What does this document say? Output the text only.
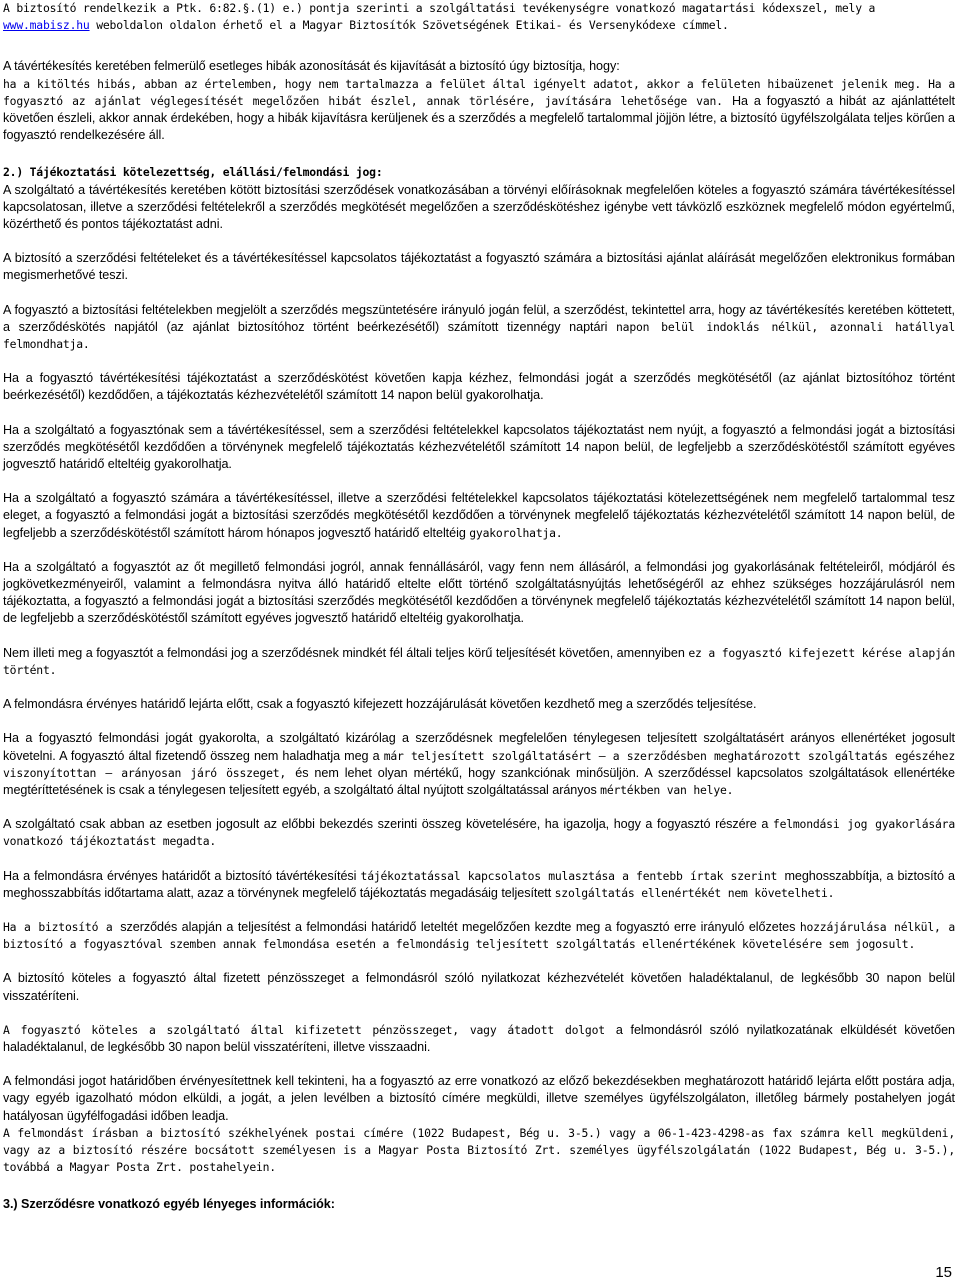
A biztosító rendelkezik a Ptk. 6:82.§.(1) e.) pontja szerinti a szolgáltatási tevékenységre vonatkozó magatartási kódexszel, mely a
www.mabisz.hu weboldalon oldalon érhető el a Magyar Biztosítók Szövetségének Etikai- és Versenykódexe címmel.

A távértékesítés keretében felmerülő esetleges hibák azonosítását és kijavítását a biztosító úgy biztosítja, hogy:

ha a kitöltés hibás, abban az értelemben, hogy nem tartalmazza a felület által igényelt adatot, akkor a felületen hibaüzenet jelenik meg. Ha a fogyasztó az ajánlat véglegesítését megelőzően hibát észlel, annak törlésére, javítására lehetősége van. Ha a fogyasztó a hibát az ajánlattételt követően észleli, akkor annak érdekében, hogy a hibák kijavításra kerüljenek és a szerződés a megfelelő tartalommal jöjjön létre, a biztosító ügyfélszolgálata teljes körűen a fogyasztó rendelkezésére áll.

2.) Tájékoztatási kötelezettség, elállási/felmondási jog:

A szolgáltató a távértékesítés keretében kötött biztosítási szerződések vonatkozásában a törvényi előírásoknak megfelelően köteles a fogyasztó számára távértékesítéssel kapcsolatosan, illetve a szerződési feltételekről a szerződés megkötését megelőzően a szerződéskötéshez igénybe vett távközlő eszköznek megfelelő módon egyértelmű, közérthető és pontos tájékoztatást adni.

A biztosító a szerződési feltételeket és a távértékesítéssel kapcsolatos tájékoztatást a fogyasztó számára a biztosítási ajánlat aláírását megelőzően elektronikus formában megismerhetővé teszi.

A fogyasztó a biztosítási feltételekben megjelölt a szerződés megszüntetésére irányuló jogán felül, a szerződést, tekintettel arra, hogy az távértékesítés keretében köttetett, a szerződéskötés napjától (az ajánlat biztosítóhoz történt beérkezésétől) számított tizennégy naptári napon belül indoklás nélkül, azonnali hatállyal felmondhatja.

Ha a fogyasztó távértékesítési tájékoztatást a szerződéskötést követően kapja kézhez, felmondási jogát a szerződés megkötésétől (az ajánlat biztosítóhoz történt beérkezésétől) kezdődően, a tájékoztatás kézhezvételétől számított 14 napon belül gyakorolhatja.

Ha a szolgáltató a fogyasztónak sem a távértékesítéssel, sem a szerződési feltételekkel kapcsolatos tájékoztatást nem nyújt, a fogyasztó a felmondási jogát a biztosítási szerződés megkötésétől kezdődően a törvénynek megfelelő tájékoztatás kézhezvételétől számított 14 napon belül, de legfeljebb a szerződéskötéstől számított egyéves jogvesztő határidő elteltéig gyakorolhatja.

Ha a szolgáltató a fogyasztó számára a távértékesítéssel, illetve a szerződési feltételekkel kapcsolatos tájékoztatási kötelezettségének nem megfelelő tartalommal tesz eleget, a fogyasztó a felmondási jogát a biztosítási szerződés megkötésétől kezdődően a törvénynek megfelelő tájékoztatás kézhezvételétől számított 14 napon belül, de legfeljebb a szerződéskötéstől számított három hónapos jogvesztő határidő elteltéig gyakorolhatja.

Ha a szolgáltató a fogyasztót az őt megillető felmondási jogról, annak fennállásáról, vagy fenn nem állásáról, a felmondási jog gyakorlásának feltételeiről, módjáról és jogkövetkezményeiről, valamint a felmondásra nyitva álló határidő eltelte előtt történő szolgáltatásnyújtás lehetőségéről az ehhez szükséges hozzájárulásról nem tájékoztatta, a fogyasztó a felmondási jogát a biztosítási szerződés megkötésétől kezdődően a törvénynek megfelelő tájékoztatás kézhezvételétől számított 14 napon belül, de legfeljebb a szerződéskötéstől számított egyéves jogvesztő határidő elteltéig gyakorolhatja.

Nem illeti meg a fogyasztót a felmondási jog a szerződésnek mindkét fél általi teljes körű teljesítését követően, amennyiben ez a fogyasztó kifejezett kérése alapján történt.

A felmondásra érvényes határidő lejárta előtt, csak a fogyasztó kifejezett hozzájárulását követően kezdhető meg a szerződés teljesítése.

Ha a fogyasztó felmondási jogát gyakorolta, a szolgáltató kizárólag a szerződésnek megfelelően ténylegesen teljesített szolgáltatásért arányos ellenértéket jogosult követelni. A fogyasztó által fizetendő összeg nem haladhatja meg a már teljesített szolgáltatásért – a szerződésben meghatározott szolgáltatás egészéhez viszonyítottan – arányosan járó összeget, és nem lehet olyan mértékű, hogy szankciónak minősüljön. A szerződéssel kapcsolatos szolgáltatások ellenértéke megtéríttetésének is csak a ténylegesen teljesített egyéb, a szolgáltató által nyújtott szolgáltatással arányos mértékben van helye.

A szolgáltató csak abban az esetben jogosult az előbbi bekezdés szerinti összeg követelésére, ha igazolja, hogy a fogyasztó részére a felmondási jog gyakorlására vonatkozó tájékoztatást megadta.

Ha a felmondásra érvényes határidőt a biztosító távértékesítési tájékoztatással kapcsolatos mulasztása a fentebb írtak szerint meghosszabbítja, a biztosító a meghosszabbítás időtartama alatt, azaz a törvénynek megfelelő tájékoztatás megadásáig teljesített szolgáltatás ellenértékét nem követelheti.

Ha a biztosító a szerződés alapján a teljesítést a felmondási határidő leteltét megelőzően kezdte meg a fogyasztó erre irányuló előzetes hozzájárulása nélkül, a biztosító a fogyasztóval szemben annak felmondása esetén a felmondásig teljesített szolgáltatás ellenértékének követelésére sem jogosult.

A biztosító köteles a fogyasztó által fizetett pénzösszeget a felmondásról szóló nyilatkozat kézhezvételét követően haladéktalanul, de legkésőbb 30 napon belül visszatéríteni.

A fogyasztó köteles a szolgáltató által kifizetett pénzösszeget, vagy átadott dolgot a felmondásról szóló nyilatkozatának elküldését követően haladéktalanul, de legkésőbb 30 napon belül visszatéríteni, illetve visszaadni.

A felmondási jogot határidőben érvényesítettnek kell tekinteni, ha a fogyasztó az erre vonatkozó az előző bekezdésekben meghatározott határidő lejárta előtt postára adja, vagy egyéb igazolható módon elküldi, a jogát, a jelen levélben a biztosító címére megküldi, illetve személyes ügyfélszolgálaton, illetőleg bármely postahelyen jogát hatályosan ügyfélfogadási időben leadja.

A felmondást írásban a biztosító székhelyének postai címére (1022 Budapest, Bég u. 3-5.) vagy a 06-1-423-4298-as fax számra kell megküldeni, vagy az a biztosító részére bocsátott személyesen is a Magyar Posta Biztosító Zrt. személyes ügyfélszolgálatán (1022 Budapest, Bég u. 3-5.), továbbá a Magyar Posta Zrt. postahelyein.

3.) Szerződésre vonatkozó egyéb lényeges információk:

15
